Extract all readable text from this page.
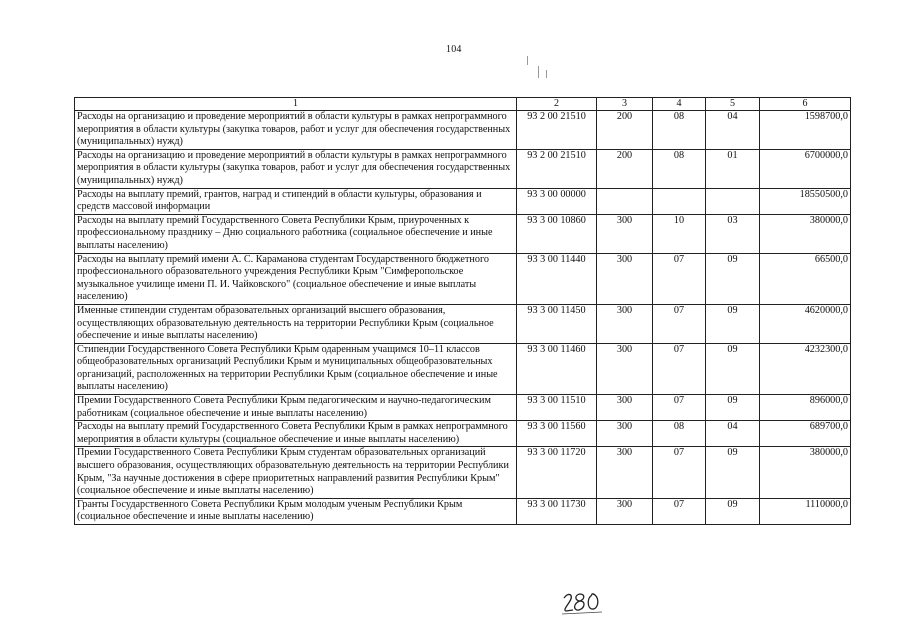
104
1	2	3	4	5	6
Расходы на организацию и проведение мероприятий в области культуры в рамках непрограммного мероприятия в области культуры (закупка товаров, работ и услуг для обеспечения государственных (муниципальных) нужд)	93 2 00 21510	200	08	04	1598700,0
Расходы на организацию и проведение мероприятий в области культуры в рамках непрограммного мероприятия в области культуры (закупка товаров, работ и услуг для обеспечения государственных (муниципальных) нужд)	93 2 00 21510	200	08	01	6700000,0
Расходы на выплату премий, грантов, наград и стипендий в области культуры, образования и средств массовой информации	93 3 00 00000				18550500,0
Расходы на выплату премий Государственного Совета Республики Крым, приуроченных к профессиональному празднику – Дню социального работника (социальное обеспечение и иные выплаты населению)	93 3 00 10860	300	10	03	380000,0
Расходы на выплату премий имени А. С. Караманова студентам Государственного бюджетного профессионального образовательного учреждения Республики Крым "Симферопольское музыкальное училище имени П. И. Чайковского" (социальное обеспечение и иные выплаты населению)	93 3 00 11440	300	07	09	66500,0
Именные стипендии студентам образовательных организаций высшего образования, осуществляющих образовательную деятельность на территории Республики Крым (социальное обеспечение и иные выплаты населению)	93 3 00 11450	300	07	09	4620000,0
Стипендии Государственного Совета Республики Крым одаренным учащимся 10–11 классов общеобразовательных организаций Республики Крым и муниципальных общеобразовательных организаций, расположенных на территории Республики Крым (социальное обеспечение и иные выплаты населению)	93 3 00 11460	300	07	09	4232300,0
Премии Государственного Совета Республики Крым педагогическим и научно-педагогическим работникам (социальное обеспечение и иные выплаты населению)	93 3 00 11510	300	07	09	896000,0
Расходы на выплату премий Государственного Совета Республики Крым в рамках непрограммного мероприятия в области культуры (социальное обеспечение и иные выплаты населению)	93 3 00 11560	300	08	04	689700,0
Премии Государственного Совета Республики Крым студентам образовательных организаций высшего образования, осуществляющих образовательную деятельность на территории Республики Крым, "За научные достижения в сфере приоритетных направлений развития Республики Крым" (социальное обеспечение и иные выплаты населению)	93 3 00 11720	300	07	09	380000,0
Гранты Государственного Совета Республики Крым молодым ученым Республики Крым (социальное обеспечение и иные выплаты населению)	93 3 00 11730	300	07	09	1110000,0
